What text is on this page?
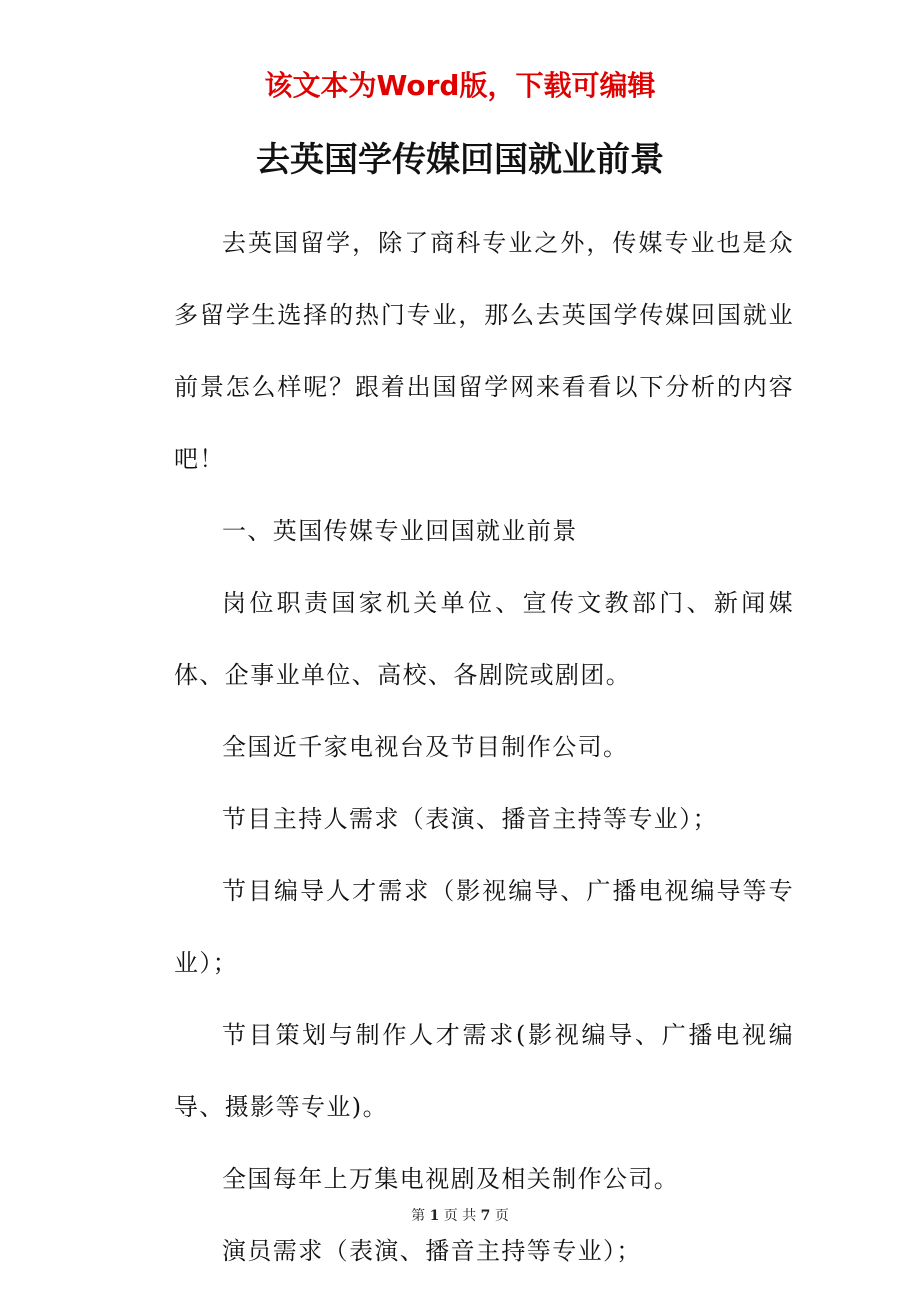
该文本为Word版，下载可编辑
去英国学传媒回国就业前景

去英国留学，除了商科专业之外，传媒专业也是众多留学生选择的热门专业，那么去英国学传媒回国就业前景怎么样呢？跟着出国留学网来看看以下分析的内容吧！

一、英国传媒专业回国就业前景

岗位职责国家机关单位、宣传文教部门、新闻媒体、企事业单位、高校、各剧院或剧团。

全国近千家电视台及节目制作公司。

节目主持人需求（表演、播音主持等专业）；

节目编导人才需求（影视编导、广播电视编导等专业）；

节目策划与制作人才需求(影视编导、广播电视编导、摄影等专业)。

全国每年上万集电视剧及相关制作公司。

演员需求（表演、播音主持等专业）；

第 1 页 共 7 页
